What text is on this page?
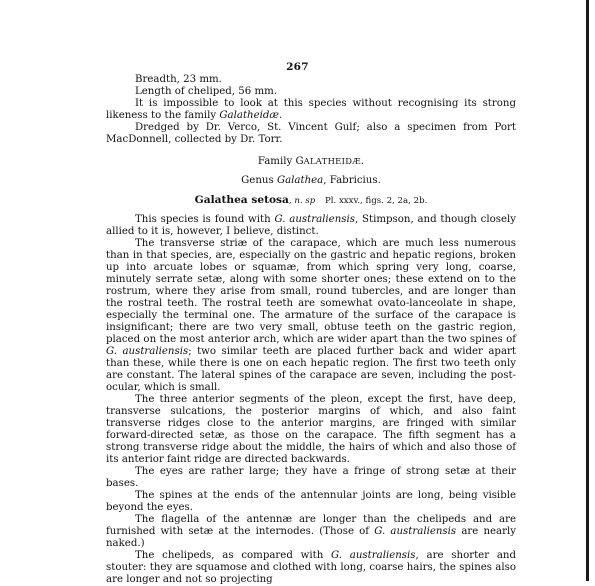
267

Breadth, 23 mm.

Length of cheliped, 56 mm.

It is impossible to look at this species without recognising its strong likeness to the family Galatheidæ.

Dredged by Dr. Verco, St. Vincent Gulf; also a specimen from Port MacDonnell, collected by Dr. Torr.

Family GALATHEIDÆ.

Genus Galathea, Fabricius.

Galathea setosa, n. sp Pl. xxxv., figs. 2, 2a, 2b.

This species is found with G. australiensis, Stimpson, and though closely allied to it is, however, I believe, distinct.

The transverse striæ of the carapace, which are much less numerous than in that species, are, especially on the gastric and hepatic regions, broken up into arcuate lobes or squamæ, from which spring very long, coarse, minutely serrate setæ, along with some shorter ones; these extend on to the rostrum, where they arise from small, round tubercles, and are longer than the rostral teeth. The rostral teeth are somewhat ovato-lanceolate in shape, especially the terminal one. The armature of the surface of the carapace is insignificant; there are two very small, obtuse teeth on the gastric region, placed on the most anterior arch, which are wider apart than the two spines of G. australiensis; two similar teeth are placed further back and wider apart than these, while there is one on each hepatic region. The first two teeth only are constant. The lateral spines of the carapace are seven, including the post-ocular, which is small.

The three anterior segments of the pleon, except the first, have deep, transverse sulcations, the posterior margins of which, and also faint transverse ridges close to the anterior margins, are fringed with similar forward-directed setæ, as those on the carapace. The fifth segment has a strong transverse ridge about the middle, the hairs of which and also those of its anterior faint ridge are directed backwards.

The eyes are rather large; they have a fringe of strong setæ at their bases.

The spines at the ends of the antennular joints are long, being visible beyond the eyes.

The flagella of the antennæ are longer than the chelipeds and are furnished with setæ at the internodes. (Those of G. australiensis are nearly naked.)

The chelipeds, as compared with G. australiensis, are shorter and stouter: they are squamose and clothed with long, coarse hairs, the spines also are longer and not so projecting
